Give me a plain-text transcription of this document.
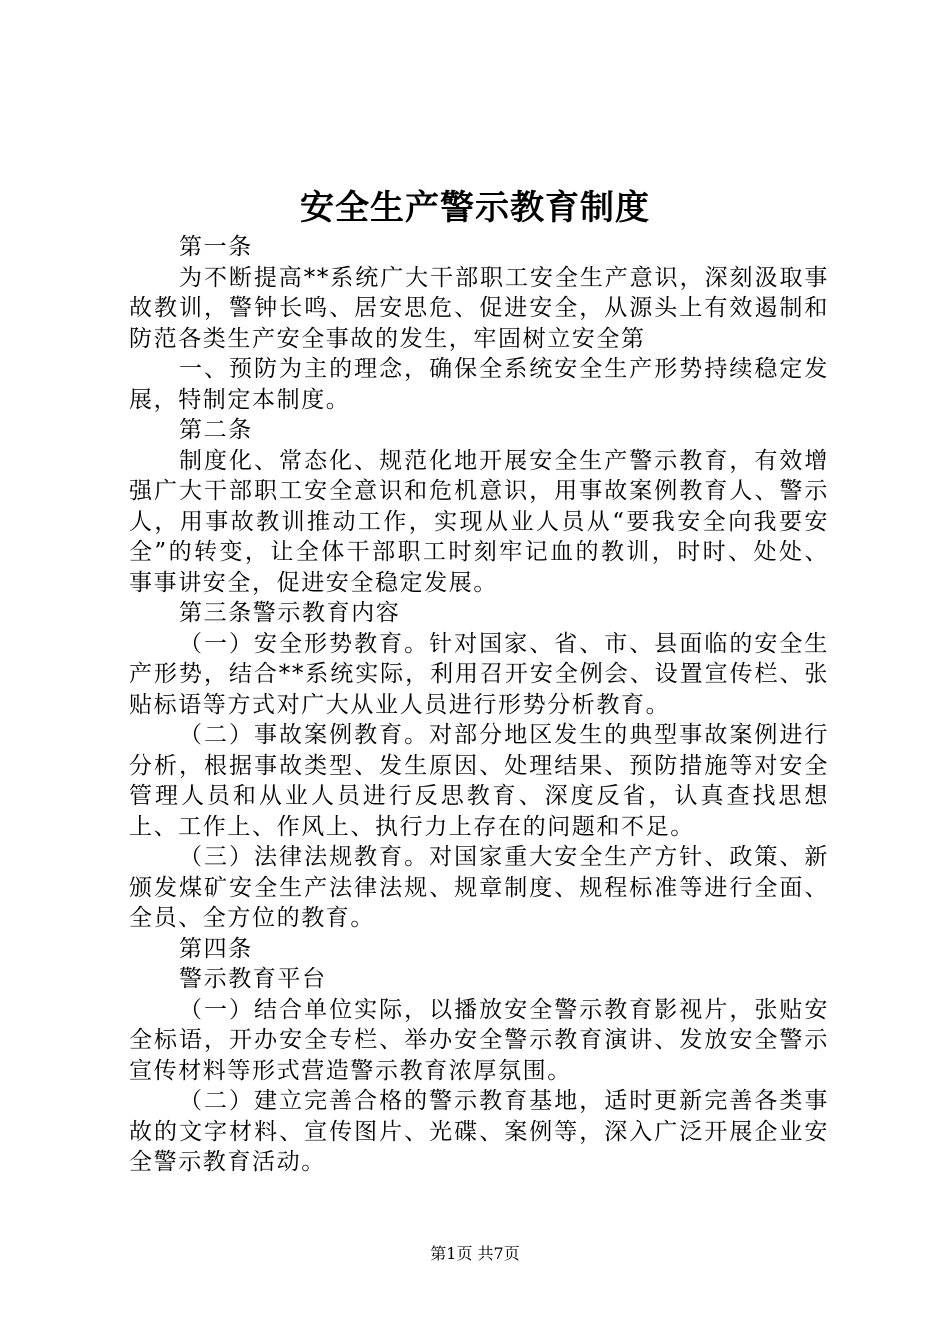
安全生产警示教育制度

第一条

为不断提高**系统广大干部职工安全生产意识，深刻汲取事故教训，警钟长鸣、居安思危、促进安全，从源头上有效遏制和防范各类生产安全事故的发生，牢固树立安全第

一、预防为主的理念，确保全系统安全生产形势持续稳定发展，特制定本制度。

第二条

制度化、常态化、规范化地开展安全生产警示教育，有效增强广大干部职工安全意识和危机意识，用事故案例教育人、警示人，用事故教训推动工作，实现从业人员从“要我安全向我要安全”的转变，让全体干部职工时刻牢记血的教训，时时、处处、事事讲安全，促进安全稳定发展。

第三条警示教育内容

（一）安全形势教育。针对国家、省、市、县面临的安全生产形势，结合**系统实际，利用召开安全例会、设置宣传栏、张贴标语等方式对广大从业人员进行形势分析教育。

（二）事故案例教育。对部分地区发生的典型事故案例进行分析，根据事故类型、发生原因、处理结果、预防措施等对安全管理人员和从业人员进行反思教育、深度反省，认真查找思想上、工作上、作风上、执行力上存在的问题和不足。

（三）法律法规教育。对国家重大安全生产方针、政策、新颁发煤矿安全生产法律法规、规章制度、规程标准等进行全面、全员、全方位的教育。

第四条

警示教育平台

（一）结合单位实际，以播放安全警示教育影视片，张贴安全标语，开办安全专栏、举办安全警示教育演讲、发放安全警示宣传材料等形式营造警示教育浓厚氛围。

（二）建立完善合格的警示教育基地，适时更新完善各类事故的文字材料、宣传图片、光碟、案例等，深入广泛开展企业安全警示教育活动。

第1页 共7页
